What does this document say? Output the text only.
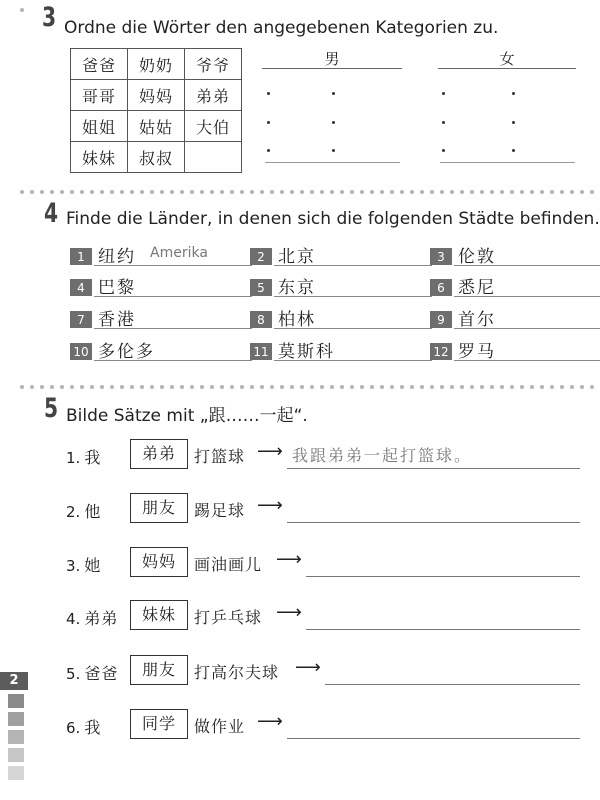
3 Ordne die Wörter den angegebenen Kategorien zu.
爸爸	奶奶	爷爷
哥哥	妈妈	弟弟
姐姐	姑姑	大伯
妹妹	叔叔	
男	女
4 Finde die Länder, in denen sich die folgenden Städte befinden.
1 纽约 Amerika	2 北京	3 伦敦
4 巴黎	5 东京	6 悉尼
7 香港	8 柏林	9 首尔
10 多伦多	11 莫斯科	12 罗马
5 Bilde Sätze mit „跟……一起“.
1. 我	弟弟	打篮球 ⟶ 我跟弟弟一起打篮球。
2. 他	朋友	踢足球 ⟶
3. 她	妈妈	画油画儿 ⟶
4. 弟弟	妹妹	打乒乓球 ⟶
5. 爸爸	朋友	打高尔夫球 ⟶
6. 我	同学	做作业 ⟶
2
